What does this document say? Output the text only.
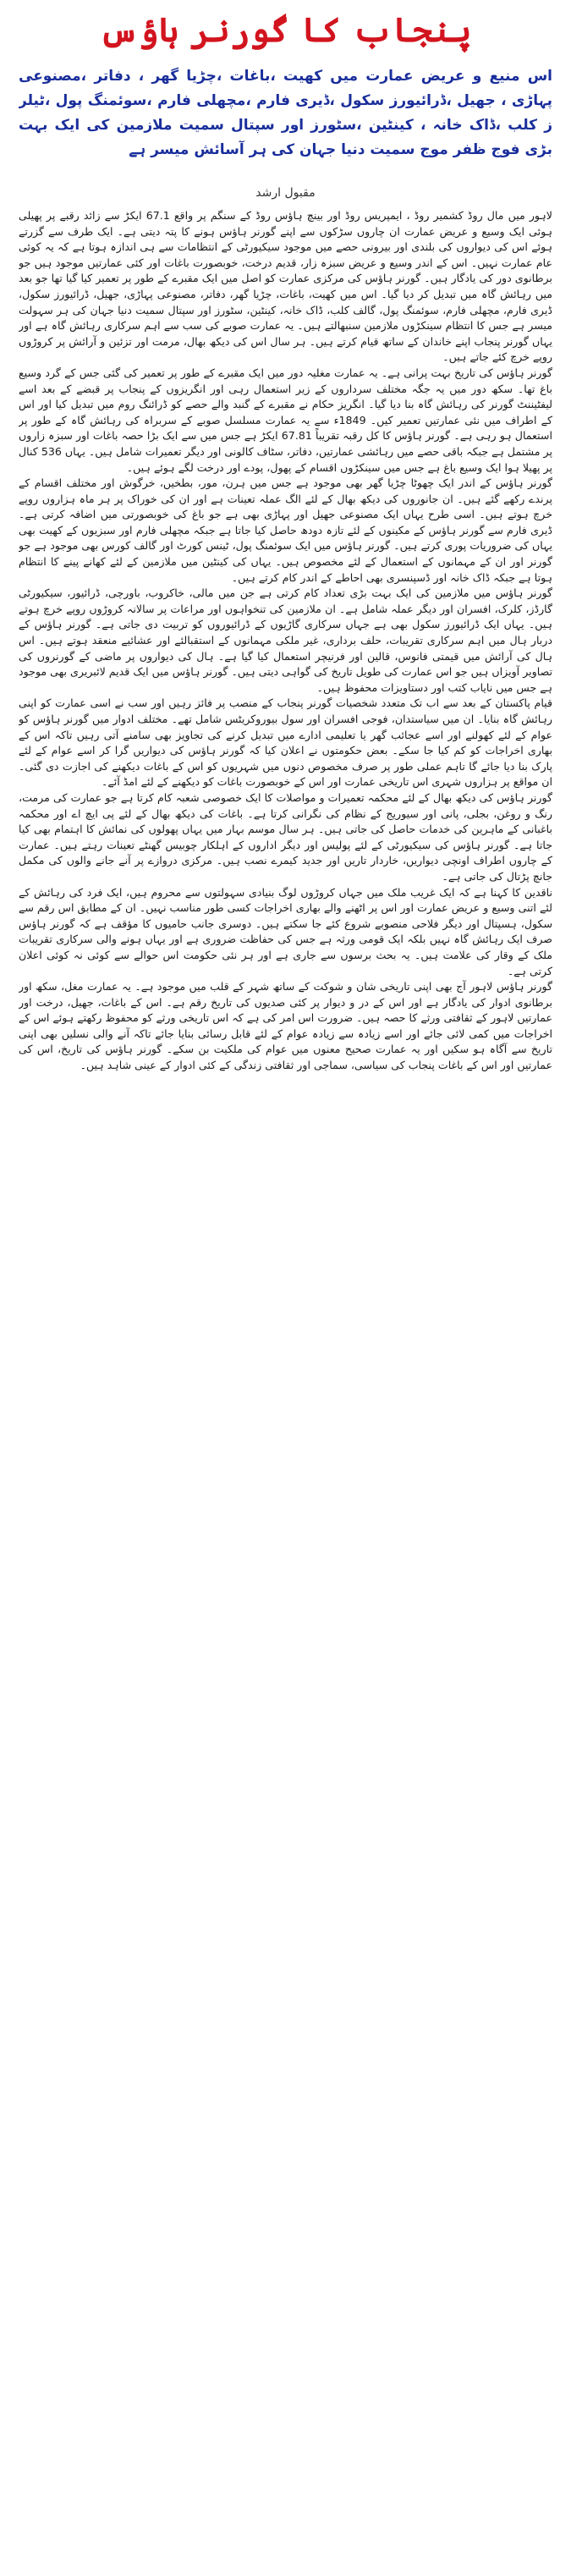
پنجاب کا گورنر ہاؤس
اس منیع و عریض عمارت میں کھیت ،باغات ،چڑیا گھر ، دفاتر ،مصنوعی پہاڑی ، جھیل ،ڈرائیورز سکول ،ڈیری فارم ،مچھلی فارم ،سوئمنگ پول ،ٹیلر ز کلب ،ڈاک خانہ ، کینٹین ،سٹورز اور سپتال سمیت ملازمین کی ایک بہت بڑی فوج ظفر موج سمیت دنیا جہان کی ہر آسائش میسر ہے
مقبول ارشد

لاہور میں مال روڈ کشمیر روڈ ، ایمپریس روڈ اور بینچ ہاؤس روڈ کے سنگم پر واقع 67.1 ایکڑ سے زائد رقبے پر پھیلی ہوئی ایک وسیع و عریض عمارت ان چاروں سڑکوں سے اپنے گورنر ہاؤس ہونے کا پتہ دیتی ہے۔ ایک طرف سے گزرتے ہوئے اس کی دیواروں کی بلندی اور بیرونی حصے میں موجود سیکیورٹی کے انتظامات سے ہی اندازہ ہوتا ہے کہ یہ کوئی عام عمارت نہیں۔ اس کے اندر وسیع و عریض سبزہ زار، قدیم درخت، خوبصورت باغات اور کئی عمارتیں موجود ہیں جو برطانوی دور کی یادگار ہیں۔ گورنر ہاؤس کی مرکزی عمارت کو اصل میں ایک مقبرے کے طور پر تعمیر کیا گیا تھا جو بعد میں رہائش گاہ میں تبدیل کر دیا گیا۔ اس میں کھیت، باغات، چڑیا گھر، دفاتر، مصنوعی پہاڑی، جھیل، ڈرائیورز سکول، ڈیری فارم، مچھلی فارم، سوئمنگ پول، گالف کلب، ڈاک خانہ، کینٹین، سٹورز اور سپتال سمیت دنیا جہان کی ہر سہولت میسر ہے جس کا انتظام سینکڑوں ملازمین سنبھالتے ہیں۔ یہ عمارت صوبے کی سب سے اہم سرکاری رہائش گاہ ہے اور یہاں گورنر پنجاب اپنے خاندان کے ساتھ قیام کرتے ہیں۔ ہر سال اس کی دیکھ بھال، مرمت اور تزئین و آرائش پر کروڑوں روپے خرچ کئے جاتے ہیں۔

گورنر ہاؤس کی تاریخ بہت پرانی ہے۔ یہ عمارت مغلیہ دور میں ایک مقبرے کے طور پر تعمیر کی گئی جس کے گرد وسیع باغ تھا۔ سکھ دور میں یہ جگہ مختلف سرداروں کے زیر استعمال رہی اور انگریزوں کے پنجاب پر قبضے کے بعد اسے لیفٹیننٹ گورنر کی رہائش گاہ بنا دیا گیا۔ انگریز حکام نے مقبرے کے گنبد والے حصے کو ڈرائنگ روم میں تبدیل کیا اور اس کے اطراف میں نئی عمارتیں تعمیر کیں۔ 1849ء سے یہ عمارت مسلسل صوبے کے سربراہ کی رہائش گاہ کے طور پر استعمال ہو رہی ہے۔ گورنر ہاؤس کا کل رقبہ تقریباً 67.81 ایکڑ ہے جس میں سے ایک بڑا حصہ باغات اور سبزہ زاروں پر مشتمل ہے جبکہ باقی حصے میں رہائشی عمارتیں، دفاتر، سٹاف کالونی اور دیگر تعمیرات شامل ہیں۔ یہاں 536 کنال پر پھیلا ہوا ایک وسیع باغ ہے جس میں سینکڑوں اقسام کے پھول، پودے اور درخت لگے ہوئے ہیں۔

گورنر ہاؤس کے اندر ایک چھوٹا چڑیا گھر بھی موجود ہے جس میں ہرن، مور، بطخیں، خرگوش اور مختلف اقسام کے پرندے رکھے گئے ہیں۔ ان جانوروں کی دیکھ بھال کے لئے الگ عملہ تعینات ہے اور ان کی خوراک پر ہر ماہ ہزاروں روپے خرچ ہوتے ہیں۔ اسی طرح یہاں ایک مصنوعی جھیل اور پہاڑی بھی ہے جو باغ کی خوبصورتی میں اضافہ کرتی ہے۔ ڈیری فارم سے گورنر ہاؤس کے مکینوں کے لئے تازہ دودھ حاصل کیا جاتا ہے جبکہ مچھلی فارم اور سبزیوں کے کھیت بھی یہاں کی ضروریات پوری کرتے ہیں۔ گورنر ہاؤس میں ایک سوئمنگ پول، ٹینس کورٹ اور گالف کورس بھی موجود ہے جو گورنر اور ان کے مہمانوں کے استعمال کے لئے مخصوص ہیں۔ یہاں کی کینٹین میں ملازمین کے لئے کھانے پینے کا انتظام ہوتا ہے جبکہ ڈاک خانہ اور ڈسپنسری بھی احاطے کے اندر کام کرتے ہیں۔

گورنر ہاؤس میں ملازمین کی ایک بہت بڑی تعداد کام کرتی ہے جن میں مالی، خاکروب، باورچی، ڈرائیور، سیکیورٹی گارڈز، کلرک، افسران اور دیگر عملہ شامل ہے۔ ان ملازمین کی تنخواہوں اور مراعات پر سالانہ کروڑوں روپے خرچ ہوتے ہیں۔ یہاں ایک ڈرائیورز سکول بھی ہے جہاں سرکاری گاڑیوں کے ڈرائیوروں کو تربیت دی جاتی ہے۔ گورنر ہاؤس کے دربار ہال میں اہم سرکاری تقریبات، حلف برداری، غیر ملکی مہمانوں کے استقبالئے اور عشائیے منعقد ہوتے ہیں۔ اس ہال کی آرائش میں قیمتی فانوس، قالین اور فرنیچر استعمال کیا گیا ہے۔ ہال کی دیواروں پر ماضی کے گورنروں کی تصاویر آویزاں ہیں جو اس عمارت کی طویل تاریخ کی گواہی دیتی ہیں۔ گورنر ہاؤس میں ایک قدیم لائبریری بھی موجود ہے جس میں نایاب کتب اور دستاویزات محفوظ ہیں۔

قیام پاکستان کے بعد سے اب تک متعدد شخصیات گورنر پنجاب کے منصب پر فائز رہیں اور سب نے اسی عمارت کو اپنی رہائش گاہ بنایا۔ ان میں سیاستدان، فوجی افسران اور سول بیوروکریٹس شامل تھے۔ مختلف ادوار میں گورنر ہاؤس کو عوام کے لئے کھولنے اور اسے عجائب گھر یا تعلیمی ادارے میں تبدیل کرنے کی تجاویز بھی سامنے آتی رہیں تاکہ اس کے بھاری اخراجات کو کم کیا جا سکے۔ بعض حکومتوں نے اعلان کیا کہ گورنر ہاؤس کی دیواریں گرا کر اسے عوام کے لئے پارک بنا دیا جائے گا تاہم عملی طور پر صرف مخصوص دنوں میں شہریوں کو اس کے باغات دیکھنے کی اجازت دی گئی۔ ان مواقع پر ہزاروں شہری اس تاریخی عمارت اور اس کے خوبصورت باغات کو دیکھنے کے لئے امڈ آئے۔

گورنر ہاؤس کی دیکھ بھال کے لئے محکمہ تعمیرات و مواصلات کا ایک خصوصی شعبہ کام کرتا ہے جو عمارت کی مرمت، رنگ و روغن، بجلی، پانی اور سیوریج کے نظام کی نگرانی کرتا ہے۔ باغات کی دیکھ بھال کے لئے پی ایچ اے اور محکمہ باغبانی کے ماہرین کی خدمات حاصل کی جاتی ہیں۔ ہر سال موسم بہار میں یہاں پھولوں کی نمائش کا اہتمام بھی کیا جاتا ہے۔ گورنر ہاؤس کی سیکیورٹی کے لئے پولیس اور دیگر اداروں کے اہلکار چوبیس گھنٹے تعینات رہتے ہیں۔ عمارت کے چاروں اطراف اونچی دیواریں، خاردار تاریں اور جدید کیمرے نصب ہیں۔ مرکزی دروازے پر آنے جانے والوں کی مکمل جانچ پڑتال کی جاتی ہے۔

ناقدین کا کہنا ہے کہ ایک غریب ملک میں جہاں کروڑوں لوگ بنیادی سہولتوں سے محروم ہیں، ایک فرد کی رہائش کے لئے اتنی وسیع و عریض عمارت اور اس پر اٹھنے والے بھاری اخراجات کسی طور مناسب نہیں۔ ان کے مطابق اس رقم سے سکول، ہسپتال اور دیگر فلاحی منصوبے شروع کئے جا سکتے ہیں۔ دوسری جانب حامیوں کا مؤقف ہے کہ گورنر ہاؤس صرف ایک رہائش گاہ نہیں بلکہ ایک قومی ورثہ ہے جس کی حفاظت ضروری ہے اور یہاں ہونے والی سرکاری تقریبات ملک کے وقار کی علامت ہیں۔ یہ بحث برسوں سے جاری ہے اور ہر نئی حکومت اس حوالے سے کوئی نہ کوئی اعلان کرتی ہے۔

گورنر ہاؤس لاہور آج بھی اپنی تاریخی شان و شوکت کے ساتھ شہر کے قلب میں موجود ہے۔ یہ عمارت مغل، سکھ اور برطانوی ادوار کی یادگار ہے اور اس کے در و دیوار پر کئی صدیوں کی تاریخ رقم ہے۔ اس کے باغات، جھیل، درخت اور عمارتیں لاہور کے ثقافتی ورثے کا حصہ ہیں۔ ضرورت اس امر کی ہے کہ اس تاریخی ورثے کو محفوظ رکھتے ہوئے اس کے اخراجات میں کمی لائی جائے اور اسے زیادہ سے زیادہ عوام کے لئے قابل رسائی بنایا جائے تاکہ آنے والی نسلیں بھی اپنی تاریخ سے آگاہ ہو سکیں اور یہ عمارت صحیح معنوں میں عوام کی ملکیت بن سکے۔ گورنر ہاؤس کی تاریخ، اس کی عمارتیں اور اس کے باغات پنجاب کی سیاسی، سماجی اور ثقافتی زندگی کے کئی ادوار کے عینی شاہد ہیں۔
